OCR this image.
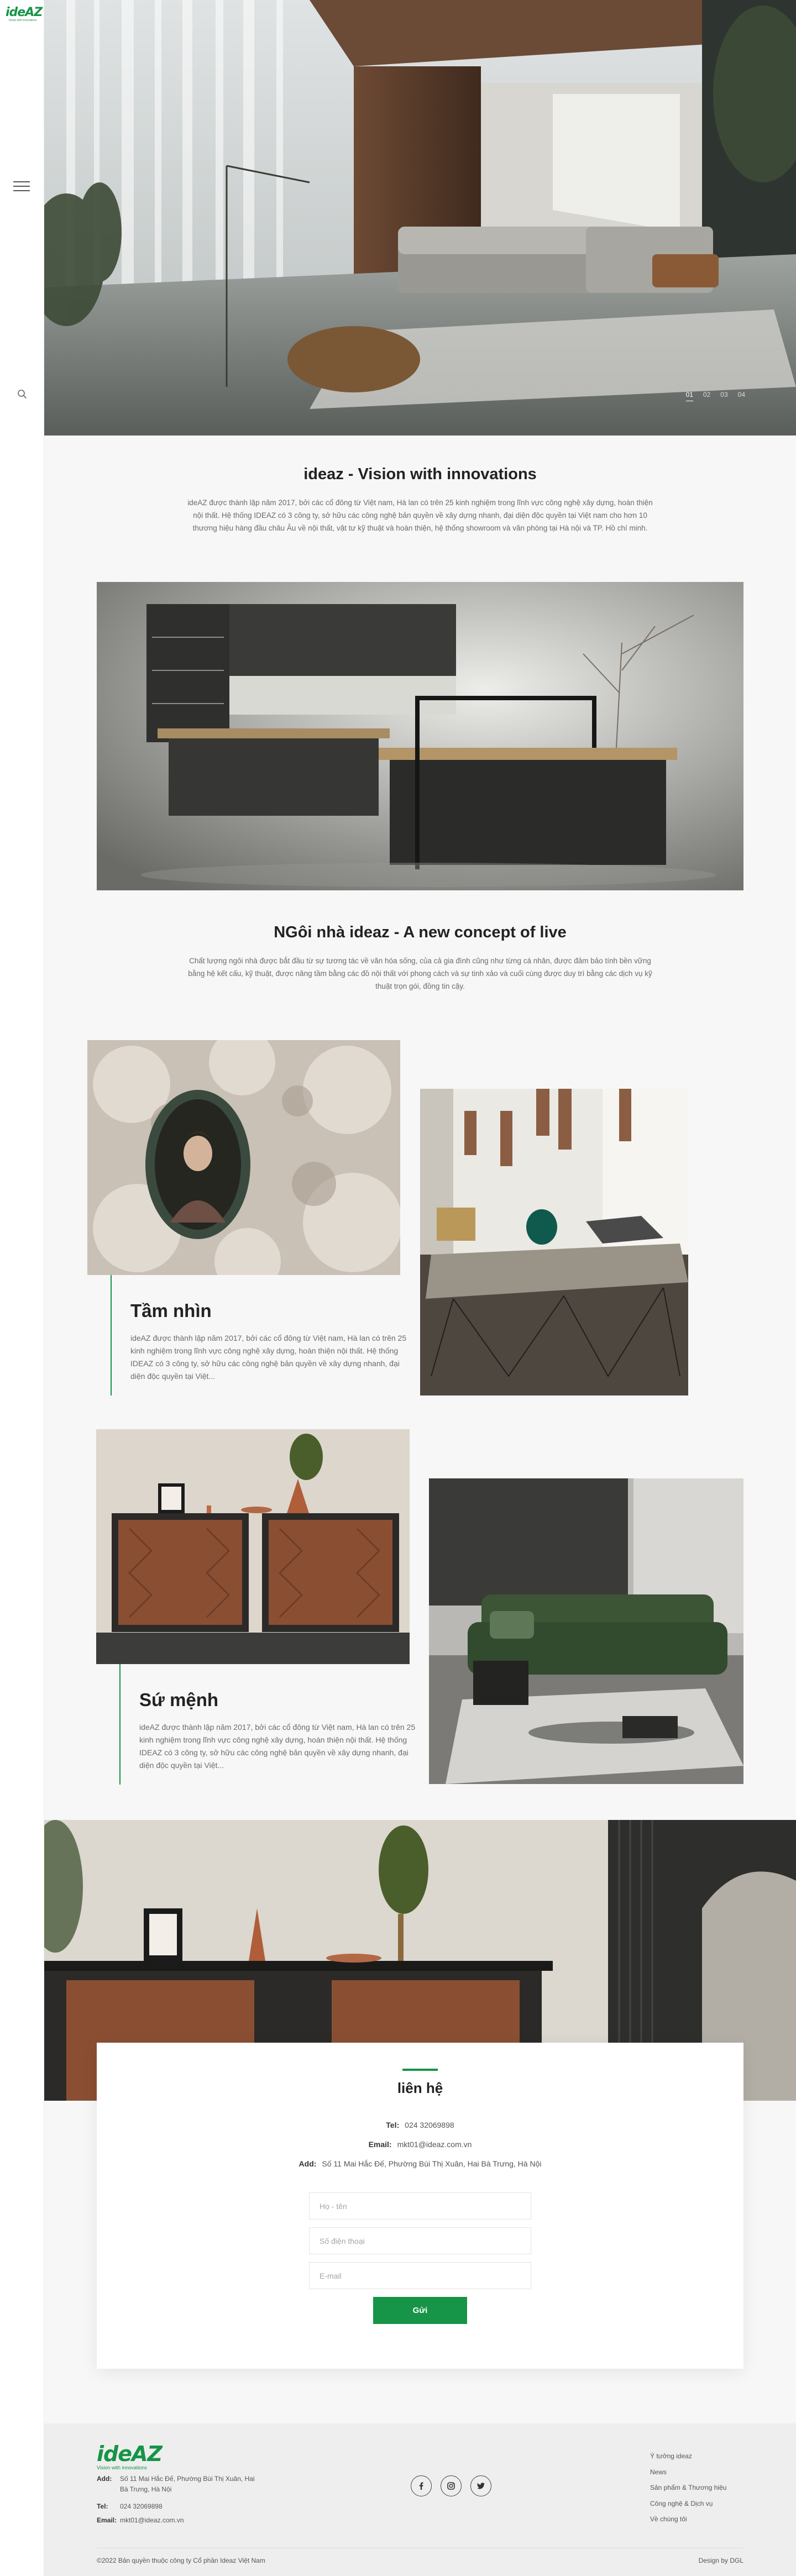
ideAZ
Vision with innovations
01 02 03 04
ideaz - Vision with innovations

ideAZ được thành lập năm 2017, bởi các cổ đông từ Việt nam, Hà lan có trên 25 kinh nghiệm trong lĩnh vực công nghệ xây dựng, hoàn thiện nội thất. Hệ thống IDEAZ có 3 công ty, sở hữu các công nghệ bản quyền về xây dựng nhanh, đại diện độc quyền tại Việt nam cho hơn 10 thương hiệu hàng đầu châu Âu về nội thất, vật tư kỹ thuật và hoàn thiện, hệ thống showroom và văn phòng tại Hà nội và TP. Hồ chí minh.

NGôi nhà ideaz - A new concept of live

Chất lượng ngôi nhà được bắt đầu từ sự tương tác về văn hóa sống, của cả gia đình cũng như từng cá nhân, được đảm bảo tính bền vững bằng hệ kết cấu, kỹ thuật, được nâng tầm bằng các đồ nội thất với phong cách và sự tinh xảo và cuối cùng được duy trì bằng các dịch vụ kỹ thuật trọn gói, đồng tin cậy.

Tầm nhìn

ideAZ được thành lập năm 2017, bởi các cổ đông từ Việt nam, Hà lan có trên 25 kinh nghiệm trong lĩnh vực công nghệ xây dựng, hoàn thiện nội thất. Hệ thống IDEAZ có 3 công ty, sở hữu các công nghệ bản quyền về xây dựng nhanh, đại diện độc quyền tại Việt...

Sứ mệnh

ideAZ được thành lập năm 2017, bởi các cổ đông từ Việt nam, Hà lan có trên 25 kinh nghiệm trong lĩnh vực công nghệ xây dựng, hoàn thiện nội thất. Hệ thống IDEAZ có 3 công ty, sở hữu các công nghệ bản quyền về xây dựng nhanh, đại diện độc quyền tại Việt...

liên hệ
Tel: 024 32069898
Email: mkt01@ideaz.com.vn
Add: Số 11 Mai Hắc Đế, Phường Bùi Thị Xuân, Hai Bà Trưng, Hà Nội
Họ - tên
Số điện thoại
E-mail
Gửi
ideAZ
Vision with innovations
Add: Số 11 Mai Hắc Đế, Phường Bùi Thị Xuân, Hai Bà Trưng, Hà Nội
Tel: 024 32069898
Email: mkt01@ideaz.com.vn
Ý tưởng ideaz
News
Sản phẩm & Thương hiệu
Công nghệ & Dịch vụ
Về chúng tôi
©2022 Bản quyền thuộc công ty Cổ phần Ideaz Việt Nam	Design by DGL
